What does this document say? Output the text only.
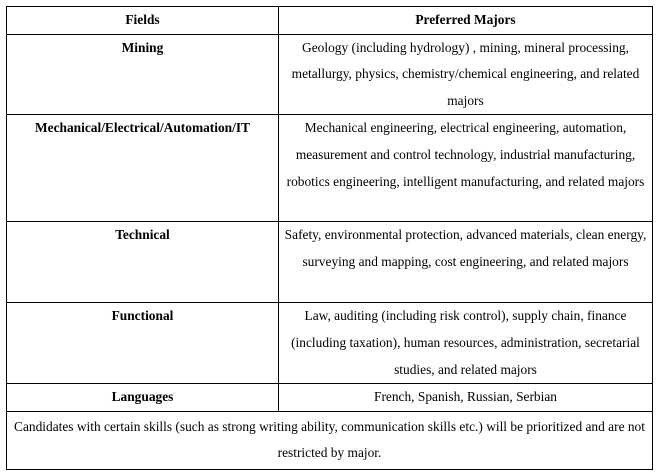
Fields	Preferred Majors
Mining	Geology (including hydrology) , mining, mineral processing, metallurgy, physics, chemistry/chemical engineering, and related majors
Mechanical/Electrical/Automation/IT	Mechanical engineering, electrical engineering, automation, measurement and control technology, industrial manufacturing, robotics engineering, intelligent manufacturing, and related majors
Technical	Safety, environmental protection, advanced materials, clean energy, surveying and mapping, cost engineering, and related majors
Functional	Law, auditing (including risk control), supply chain, finance (including taxation), human resources, administration, secretarial studies, and related majors
Languages	French, Spanish, Russian, Serbian
Candidates with certain skills (such as strong writing ability, communication skills etc.) will be prioritized and are not restricted by major.	
